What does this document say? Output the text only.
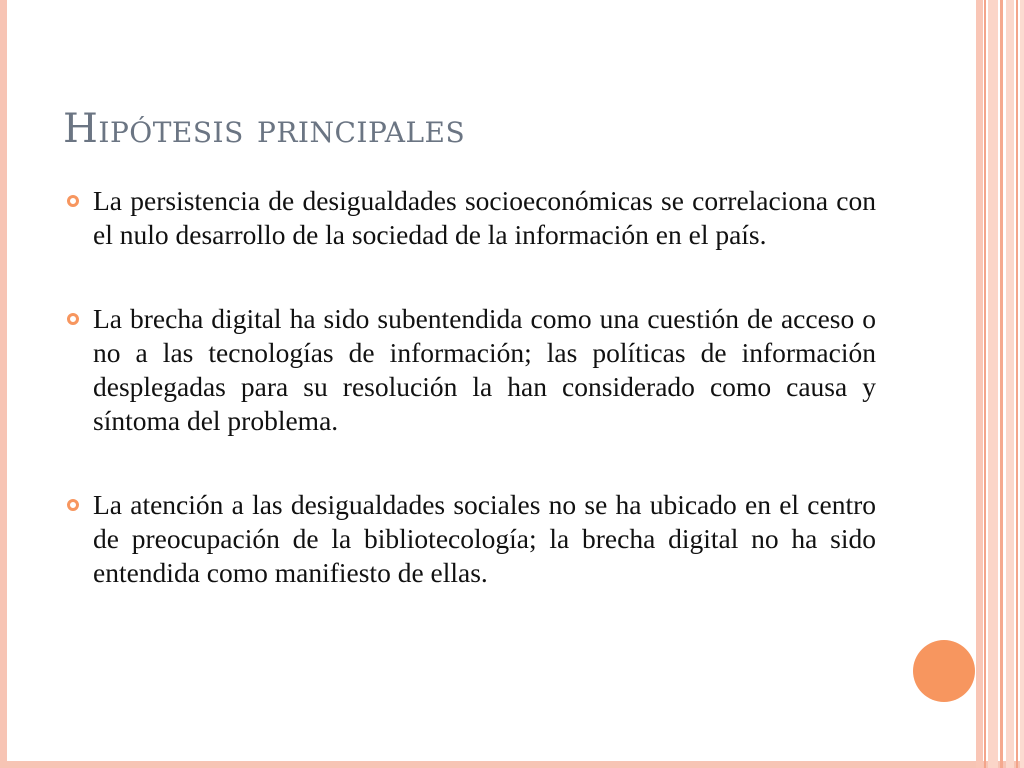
Hipótesis principales
La persistencia de desigualdades socioeconómicas se correlaciona con el nulo desarrollo de la sociedad de la información en el país.
La brecha digital ha sido subentendida como una cuestión de acceso o no a las tecnologías de información; las políticas de información desplegadas para su resolución la han considerado como causa y síntoma del problema.
La atención a las desigualdades sociales no se ha ubicado en el centro de preocupación de la bibliotecología; la brecha digital no ha sido entendida como manifiesto de ellas.
